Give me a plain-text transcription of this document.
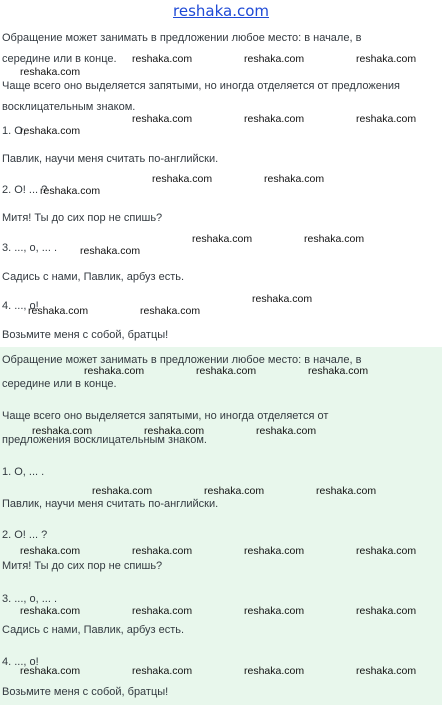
reshaka.com
Обращение может занимать в предложении любое место: в начале, в
середине или в конце.
Чаще всего оно выделяется запятыми, но иногда отделяется от предложения
восклицательным знаком.
1. О,
Павлик, научи меня считать по-английски.
2. О! ... ?
Митя! Ты до сих пор не спишь?
3. ..., о, ... .
Садись с нами, Павлик, арбуз есть.
4. ..., о!
Возьмите меня с собой, братцы!
Обращение может занимать в предложении любое место: в начале, в
середине или в конце.
Чаще всего оно выделяется запятыми, но иногда отделяется от
предложения восклицательным знаком.
1. О, ... .
Павлик, научи меня считать по-английски.
2. О! ... ?
Митя! Ты до сих пор не спишь?
3. ..., о, ... .
Садись с нами, Павлик, арбуз есть.
4. ..., о!
Возьмите меня с собой, братцы!
reshaka.com	reshaka.com	reshaka.com
reshaka.com
reshaka.com	reshaka.com	reshaka.com
reshaka.com
reshaka.com	reshaka.com
reshaka.com
reshaka.com	reshaka.com
reshaka.com
reshaka.com
reshaka.com	reshaka.com
reshaka.com	reshaka.com	reshaka.com
reshaka.com	reshaka.com	reshaka.com
reshaka.com	reshaka.com	reshaka.com
reshaka.com	reshaka.com	reshaka.com	reshaka.com
reshaka.com	reshaka.com	reshaka.com	reshaka.com
reshaka.com	reshaka.com	reshaka.com	reshaka.com
